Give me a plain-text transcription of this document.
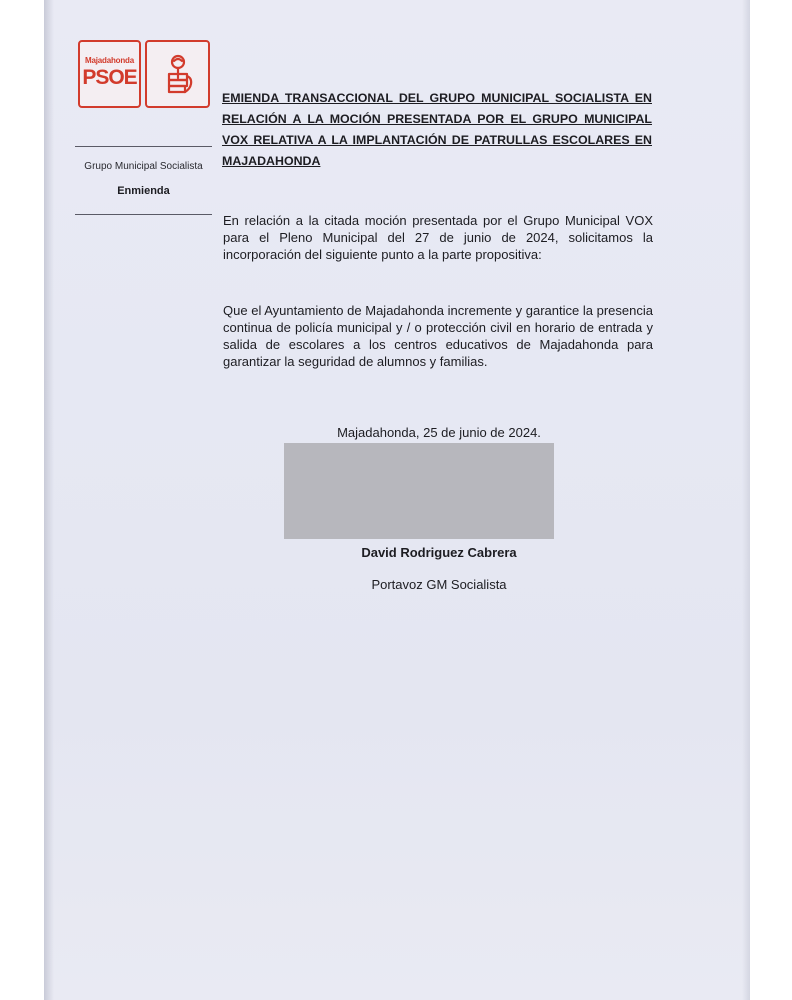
Majadahonda
PSOE
Grupo Municipal Socialista
Enmienda

EMIENDA TRANSACCIONAL DEL GRUPO MUNICIPAL SOCIALISTA EN RELACIÓN A LA MOCIÓN PRESENTADA POR EL GRUPO MUNICIPAL VOX RELATIVA A LA IMPLANTACIÓN DE PATRULLAS ESCOLARES EN MAJADAHONDA

En relación a la citada moción presentada por el Grupo Municipal VOX para el Pleno Municipal del 27 de junio de 2024, solicitamos la incorporación del siguiente punto a la parte propositiva:

Que el Ayuntamiento de Majadahonda incremente y garantice la presencia continua de policía municipal y / o protección civil en horario de entrada y salida de escolares a los centros educativos de Majadahonda para garantizar la seguridad de alumnos y familias.

Majadahonda, 25 de junio de 2024.
David Rodriguez Cabrera
Portavoz GM Socialista
